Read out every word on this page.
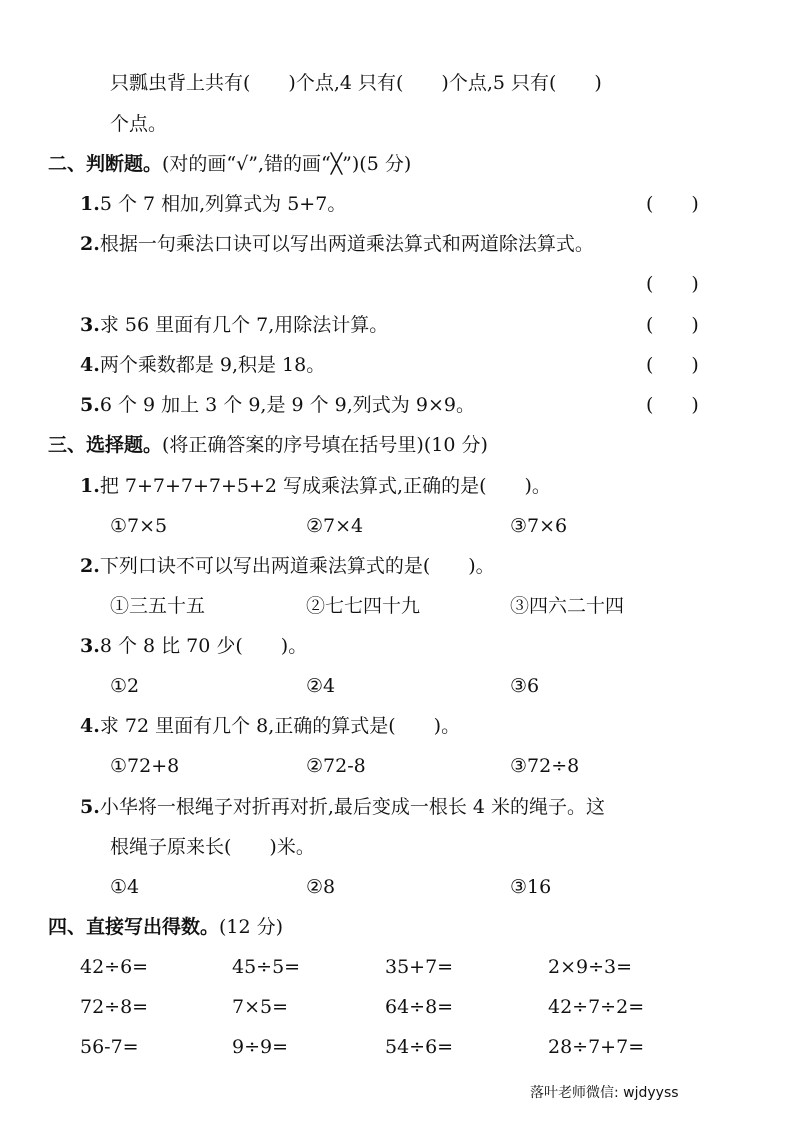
只瓢虫背上共有(　　)个点,4 只有(　　)个点,5 只有(　　)
个点。
二、判断题。(对的画“√”,错的画“╳”)(5 分)
1.5 个 7 相加,列算式为 5+7。	(　　)
2.根据一句乘法口诀可以写出两道乘法算式和两道除法算式。
(　　)
3.求 56 里面有几个 7,用除法计算。	(　　)
4.两个乘数都是 9,积是 18。	(　　)
5.6 个 9 加上 3 个 9,是 9 个 9,列式为 9×9。	(　　)
三、选择题。(将正确答案的序号填在括号里)(10 分)
1.把 7+7+7+7+5+2 写成乘法算式,正确的是(　　)。
①7×5	②7×4	③7×6
2.下列口诀不可以写出两道乘法算式的是(　　)。
①三五十五	②七七四十九	③四六二十四
3.8 个 8 比 70 少(　　)。
①2	②4	③6
4.求 72 里面有几个 8,正确的算式是(　　)。
①72+8	②72-8	③72÷8
5.小华将一根绳子对折再对折,最后变成一根长 4 米的绳子。这
根绳子原来长(　　)米。
①4	②8	③16
四、直接写出得数。(12 分)
42÷6=	45÷5=	35+7=	2×9÷3=
72÷8=	7×5=	64÷8=	42÷7÷2=
56-7=	9÷9=	54÷6=	28÷7+7=
落叶老师微信: wjdyyss
